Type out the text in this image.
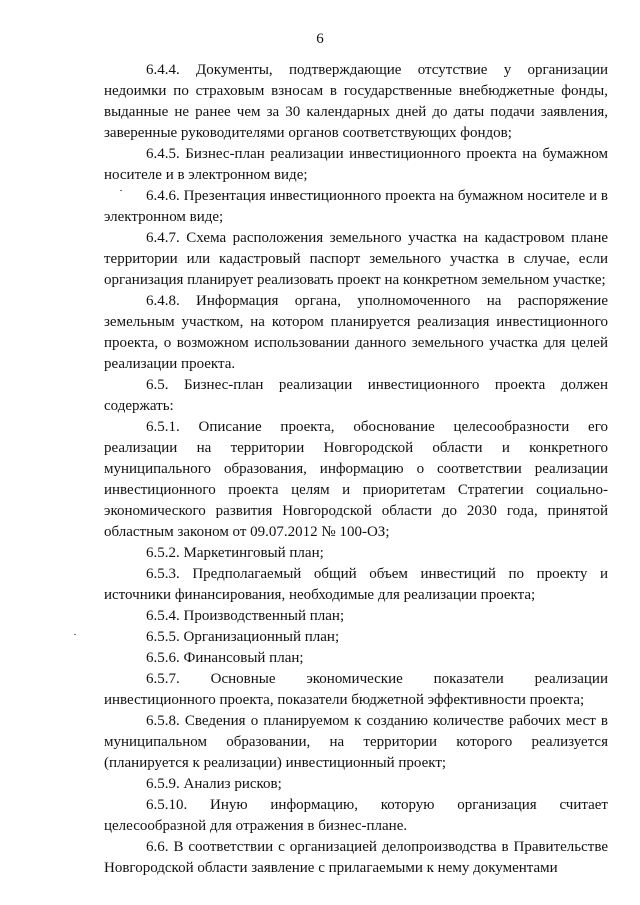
6

6.4.4. Документы, подтверждающие отсутствие у организации недоимки по страховым взносам в государственные внебюджетные фонды, выданные не ранее чем за 30 календарных дней до даты подачи заявления, заверенные руководителями органов соответствующих фондов;

6.4.5. Бизнес-план реализации инвестиционного проекта на бумажном носителе и в электронном виде;

6.4.6. Презентация инвестиционного проекта на бумажном носителе и в электронном виде;

6.4.7. Схема расположения земельного участка на кадастровом плане территории или кадастровый паспорт земельного участка в случае, если организация планирует реализовать проект на конкретном земельном участке;

6.4.8. Информация органа, уполномоченного на распоряжение земельным участком, на котором планируется реализация инвестиционного проекта, о возможном использовании данного земельного участка для целей реализации проекта.

6.5. Бизнес-план реализации инвестиционного проекта должен содержать:

6.5.1. Описание проекта, обоснование целесообразности его реализации на территории Новгородской области и конкретного муниципального образования, информацию о соответствии реализации инвестиционного проекта целям и приоритетам Стратегии социально-экономического развития Новгородской области до 2030 года, принятой областным законом от 09.07.2012 № 100-ОЗ;

6.5.2. Маркетинговый план;

6.5.3. Предполагаемый общий объем инвестиций по проекту и источники финансирования, необходимые для реализации проекта;

6.5.4. Производственный план;

6.5.5. Организационный план;

6.5.6. Финансовый план;

6.5.7. Основные экономические показатели реализации инвестиционного проекта, показатели бюджетной эффективности проекта;

6.5.8. Сведения о планируемом к созданию количестве рабочих мест в муниципальном образовании, на территории которого реализуется (планируется к реализации) инвестиционный проект;

6.5.9. Анализ рисков;

6.5.10. Иную информацию, которую организация считает целесообразной для отражения в бизнес-плане.

6.6. В соответствии с организацией делопроизводства в Правительстве Новгородской области заявление с прилагаемыми к нему документами
